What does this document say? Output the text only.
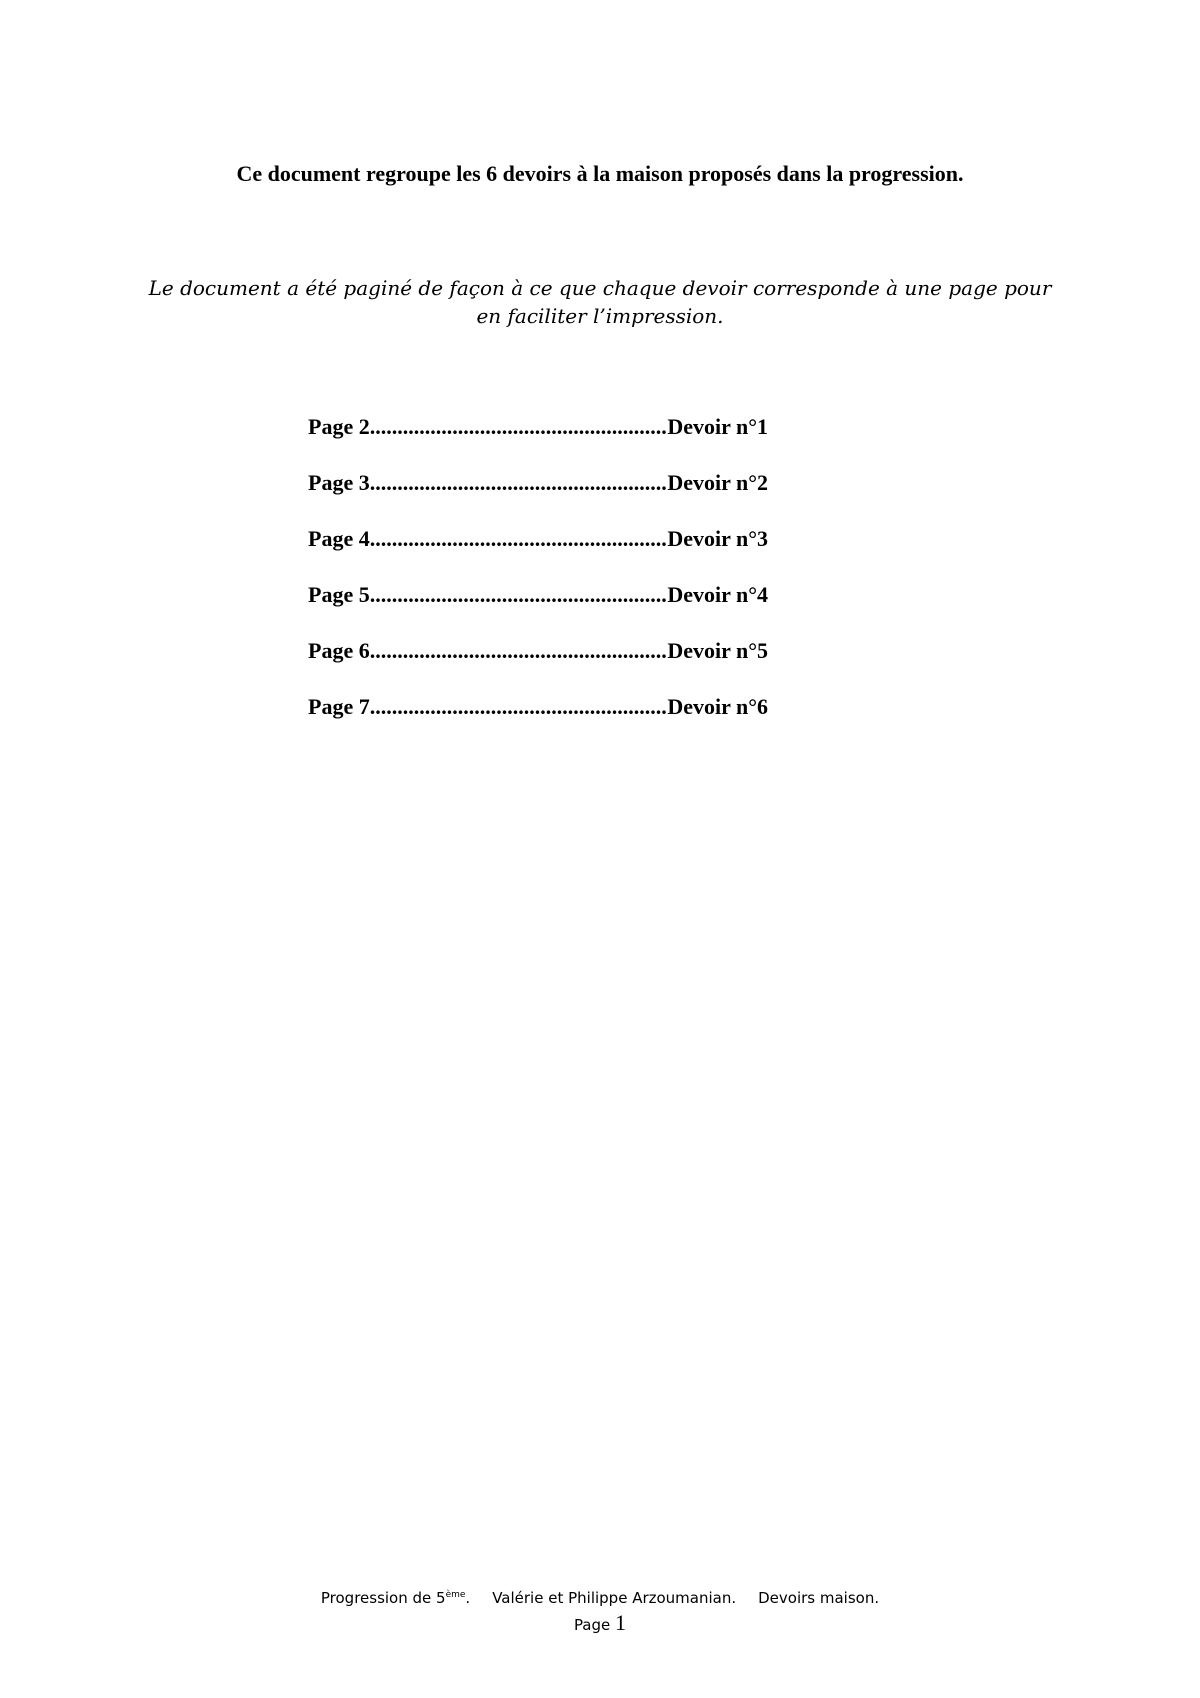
Ce document regroupe les 6 devoirs à la maison proposés dans la progression.
Le document a été paginé de façon à ce que chaque devoir corresponde à une page pour en faciliter l’impression.
Page 2 .....	Devoir n°1
Page 3 .....	Devoir n°2
Page 4 .....	Devoir n°3
Page 5 .....	Devoir n°4
Page 6 .....	Devoir n°5
Page 7 .....	Devoir n°6
Progression de 5ème. Valérie et Philippe Arzoumanian. Devoirs maison.
Page 1
